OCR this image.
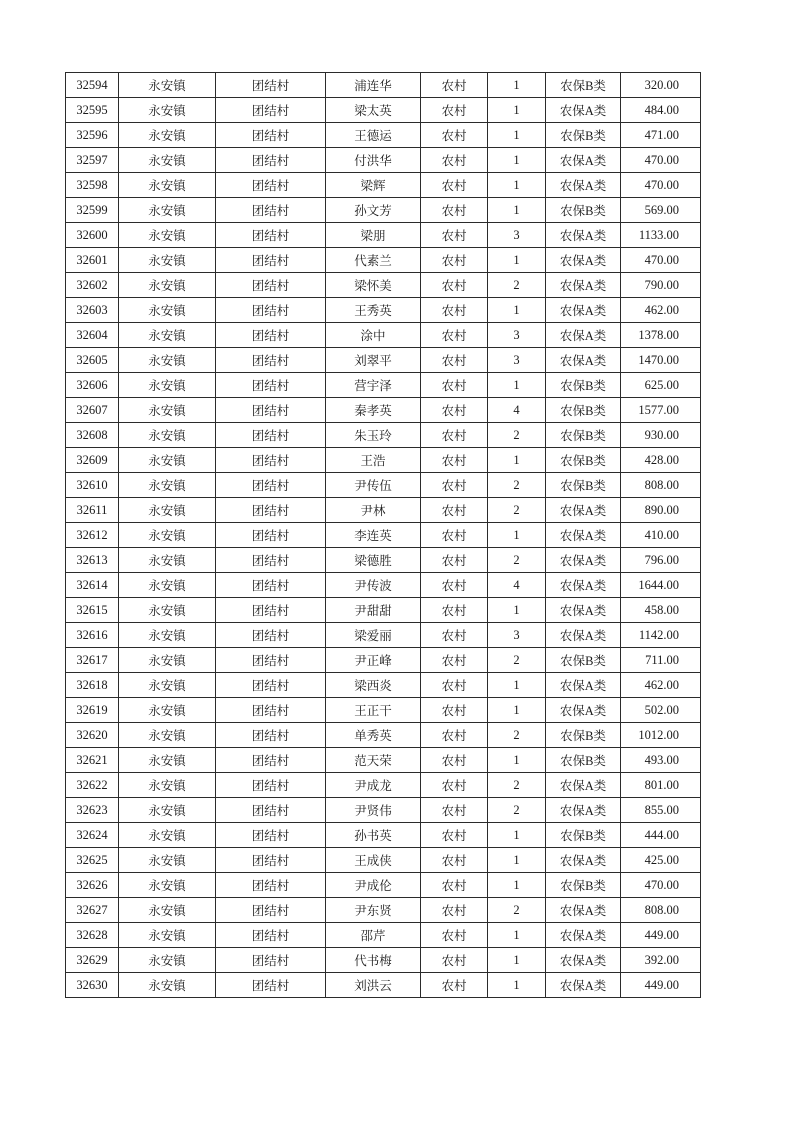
32594	永安镇	团结村	浦连华	农村	1	农保B类	320.00
32595	永安镇	团结村	梁太英	农村	1	农保A类	484.00
32596	永安镇	团结村	王德运	农村	1	农保B类	471.00
32597	永安镇	团结村	付洪华	农村	1	农保A类	470.00
32598	永安镇	团结村	梁辉	农村	1	农保A类	470.00
32599	永安镇	团结村	孙文芳	农村	1	农保B类	569.00
32600	永安镇	团结村	梁朋	农村	3	农保A类	1133.00
32601	永安镇	团结村	代素兰	农村	1	农保A类	470.00
32602	永安镇	团结村	梁怀美	农村	2	农保A类	790.00
32603	永安镇	团结村	王秀英	农村	1	农保A类	462.00
32604	永安镇	团结村	涂中	农村	3	农保A类	1378.00
32605	永安镇	团结村	刘翠平	农村	3	农保A类	1470.00
32606	永安镇	团结村	营宇泽	农村	1	农保B类	625.00
32607	永安镇	团结村	秦孝英	农村	4	农保B类	1577.00
32608	永安镇	团结村	朱玉玲	农村	2	农保B类	930.00
32609	永安镇	团结村	王浩	农村	1	农保B类	428.00
32610	永安镇	团结村	尹传伍	农村	2	农保B类	808.00
32611	永安镇	团结村	尹林	农村	2	农保A类	890.00
32612	永安镇	团结村	李连英	农村	1	农保A类	410.00
32613	永安镇	团结村	梁德胜	农村	2	农保A类	796.00
32614	永安镇	团结村	尹传波	农村	4	农保A类	1644.00
32615	永安镇	团结村	尹甜甜	农村	1	农保A类	458.00
32616	永安镇	团结村	梁爱丽	农村	3	农保A类	1142.00
32617	永安镇	团结村	尹正峰	农村	2	农保B类	711.00
32618	永安镇	团结村	梁西炎	农村	1	农保A类	462.00
32619	永安镇	团结村	王正干	农村	1	农保A类	502.00
32620	永安镇	团结村	单秀英	农村	2	农保B类	1012.00
32621	永安镇	团结村	范天荣	农村	1	农保B类	493.00
32622	永安镇	团结村	尹成龙	农村	2	农保A类	801.00
32623	永安镇	团结村	尹贤伟	农村	2	农保A类	855.00
32624	永安镇	团结村	孙书英	农村	1	农保B类	444.00
32625	永安镇	团结村	王成侠	农村	1	农保A类	425.00
32626	永安镇	团结村	尹成伦	农村	1	农保B类	470.00
32627	永安镇	团结村	尹东贤	农村	2	农保A类	808.00
32628	永安镇	团结村	邵芹	农村	1	农保A类	449.00
32629	永安镇	团结村	代书梅	农村	1	农保A类	392.00
32630	永安镇	团结村	刘洪云	农村	1	农保A类	449.00
